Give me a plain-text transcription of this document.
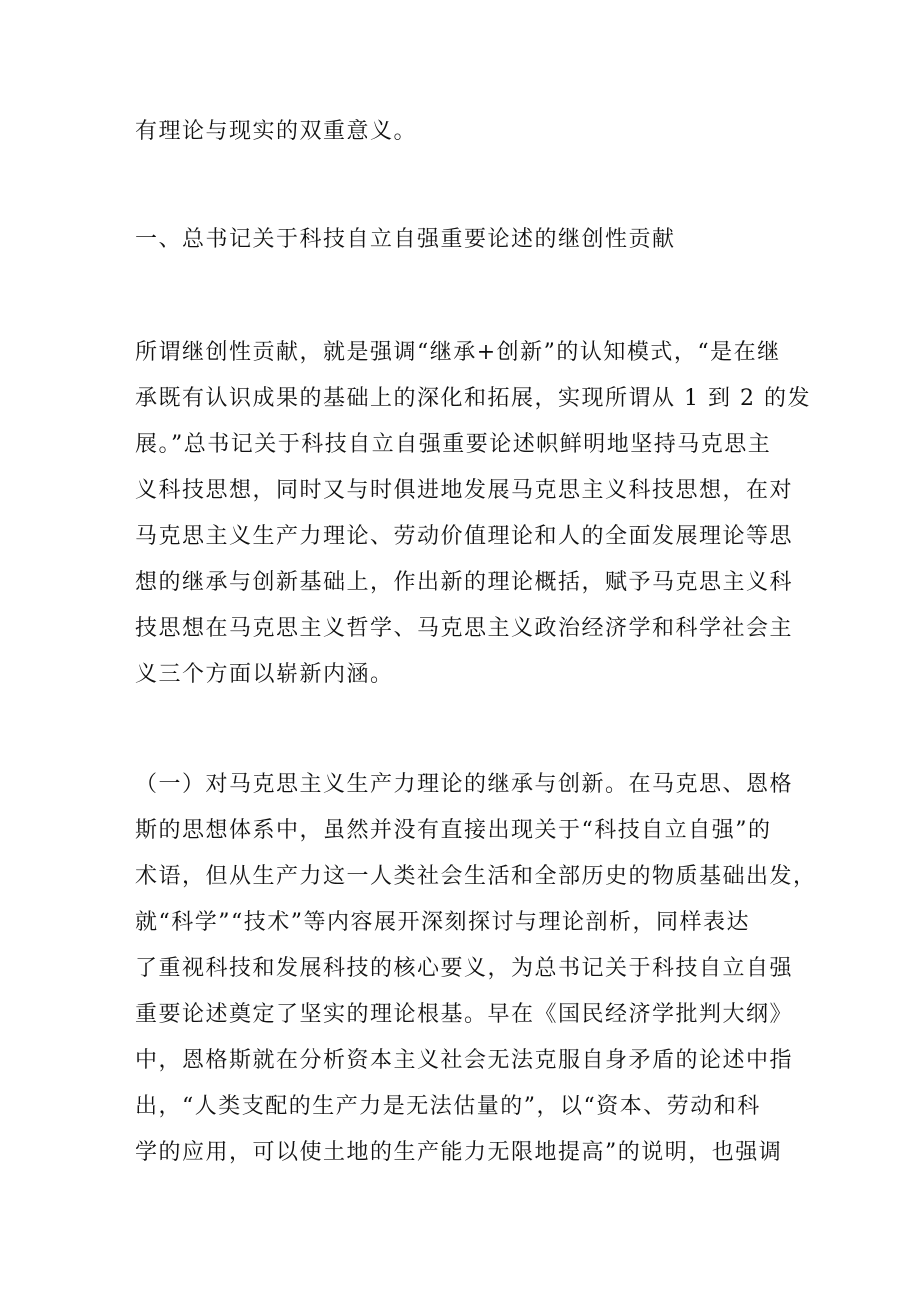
有理论与现实的双重意义。

一、总书记关于科技自立自强重要论述的继创性贡献

所谓继创性贡献，就是强调“继承+创新”的认知模式，“是在继

承既有认识成果的基础上的深化和拓展，实现所谓从 1 到 2 的发

展。”总书记关于科技自立自强重要论述帜鲜明地坚持马克思主

义科技思想，同时又与时俱进地发展马克思主义科技思想，在对

马克思主义生产力理论、劳动价值理论和人的全面发展理论等思

想的继承与创新基础上，作出新的理论概括，赋予马克思主义科

技思想在马克思主义哲学、马克思主义政治经济学和科学社会主

义三个方面以崭新内涵。

（一）对马克思主义生产力理论的继承与创新。在马克思、恩格

斯的思想体系中，虽然并没有直接出现关于“科技自立自强”的

术语，但从生产力这一人类社会生活和全部历史的物质基础出发，

就“科学”“技术”等内容展开深刻探讨与理论剖析，同样表达

了重视科技和发展科技的核心要义，为总书记关于科技自立自强

重要论述奠定了坚实的理论根基。早在《国民经济学批判大纲》

中，恩格斯就在分析资本主义社会无法克服自身矛盾的论述中指

出，“人类支配的生产力是无法估量的”，以“资本、劳动和科

学的应用，可以使土地的生产能力无限地提高”的说明，也强调
